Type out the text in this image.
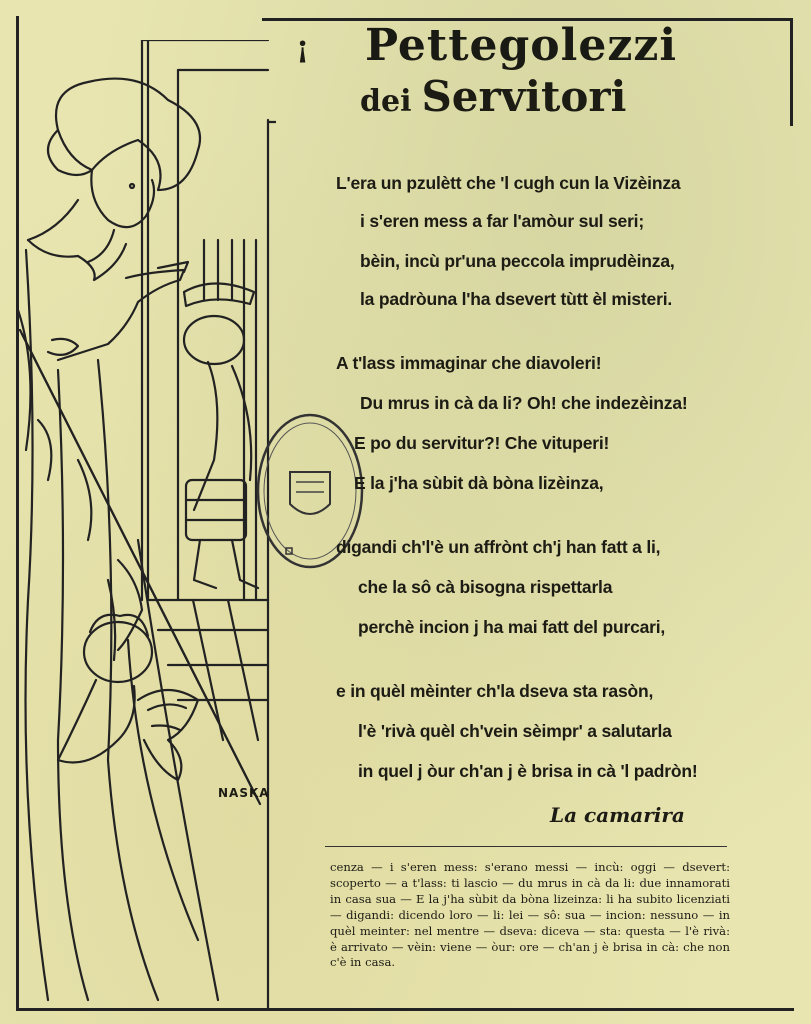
¡ Pettegolezzi
dei Servitori
NASKA
L'era un pzulètt che 'l cugh cun la Vizèinza
i s'eren mess a far l'amòur sul seri;
bèin, incù pr'una peccola imprudèinza,
la padròuna l'ha dsevert tùtt èl misteri.
A t'lass immaginar che diavoleri!
Du mrus in cà da li? Oh! che indezèinza!
E po du servitur?! Che vituperi!
E la j'ha sùbit dà bòna lizèinza,
digandi ch'l'è un affrònt ch'j han fatt a li,
che la sô cà bisogna rispettarla
perchè incion j ha mai fatt del purcari,
e in quèl mèinter ch'la dseva sta rasòn,
l'è 'rivà quèl ch'vein sèimpr' a salutarla
in quel j òur ch'an j è brisa in cà 'l padròn!
La camarira
cenza — i s'eren mess: s'erano messi — incù: oggi — dsevert: scoperto — a t'lass: ti lascio — du mrus in cà da li: due innamorati in casa sua — E la j'ha sùbit da bòna lizeinza: li ha subito licenziati — digandi: dicendo loro — li: lei — sô: sua — incion: nessuno — in quèl meinter: nel mentre — dseva: diceva — sta: questa — l'è rivà: è arrivato — vèin: viene — òur: ore — ch'an j è brisa in cà: che non c'è in casa.
